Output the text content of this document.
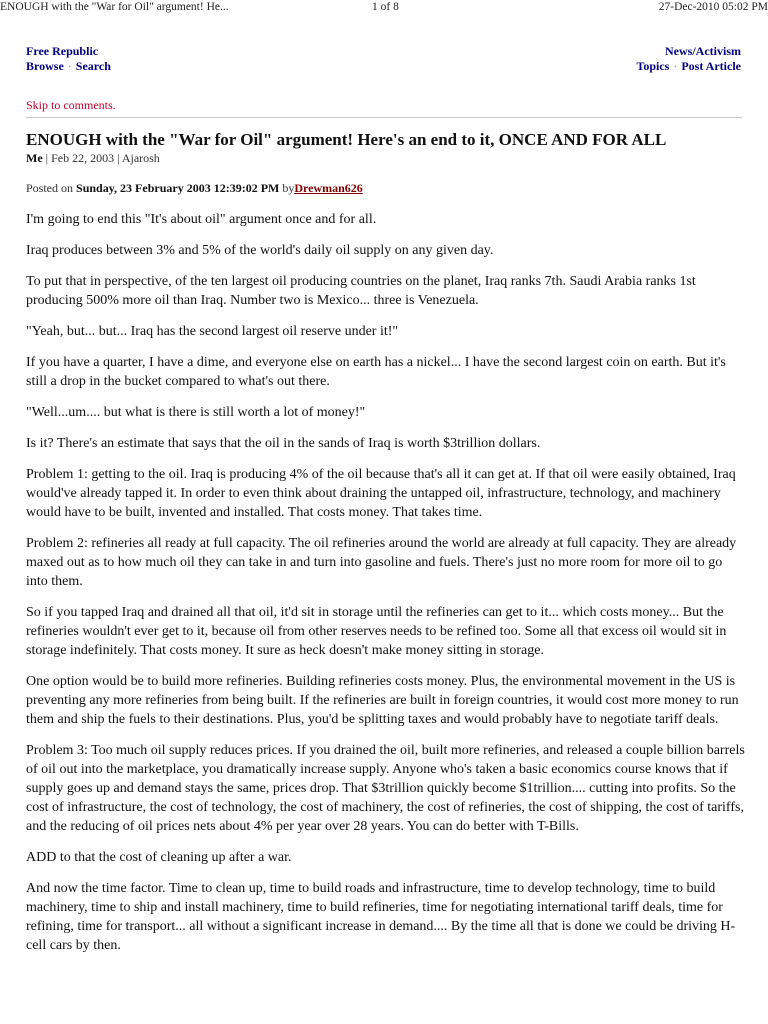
ENOUGH with the "War for Oil" argument! He...	1 of 8	27-Dec-2010 05:02 PM
Free Republic
Browse · Search
News/Activism
Topics · Post Article
Skip to comments.
ENOUGH with the "War for Oil" argument! Here's an end to it, ONCE AND FOR ALL
Me | Feb 22, 2003 | Ajarosh
Posted on Sunday, 23 February 2003 12:39:02 PM byDrewman626

I'm going to end this "It's about oil" argument once and for all.

Iraq produces between 3% and 5% of the world's daily oil supply on any given day.

To put that in perspective, of the ten largest oil producing countries on the planet, Iraq ranks 7th. Saudi Arabia ranks 1st producing 500% more oil than Iraq. Number two is Mexico... three is Venezuela.

"Yeah, but... but... Iraq has the second largest oil reserve under it!"

If you have a quarter, I have a dime, and everyone else on earth has a nickel... I have the second largest coin on earth. But it's still a drop in the bucket compared to what's out there.

"Well...um.... but what is there is still worth a lot of money!"

Is it? There's an estimate that says that the oil in the sands of Iraq is worth $3trillion dollars.

Problem 1: getting to the oil. Iraq is producing 4% of the oil because that's all it can get at. If that oil were easily obtained, Iraq would've already tapped it. In order to even think about draining the untapped oil, infrastructure, technology, and machinery would have to be built, invented and installed. That costs money. That takes time.

Problem 2: refineries all ready at full capacity. The oil refineries around the world are already at full capacity. They are already maxed out as to how much oil they can take in and turn into gasoline and fuels. There's just no more room for more oil to go into them.

So if you tapped Iraq and drained all that oil, it'd sit in storage until the refineries can get to it... which costs money... But the refineries wouldn't ever get to it, because oil from other reserves needs to be refined too. Some all that excess oil would sit in storage indefinitely. That costs money. It sure as heck doesn't make money sitting in storage.

One option would be to build more refineries. Building refineries costs money. Plus, the environmental movement in the US is preventing any more refineries from being built. If the refineries are built in foreign countries, it would cost more money to run them and ship the fuels to their destinations. Plus, you'd be splitting taxes and would probably have to negotiate tariff deals.

Problem 3: Too much oil supply reduces prices. If you drained the oil, built more refineries, and released a couple billion barrels of oil out into the marketplace, you dramatically increase supply. Anyone who's taken a basic economics course knows that if supply goes up and demand stays the same, prices drop. That $3trillion quickly become $1trillion.... cutting into profits. So the cost of infrastructure, the cost of technology, the cost of machinery, the cost of refineries, the cost of shipping, the cost of tariffs, and the reducing of oil prices nets about 4% per year over 28 years. You can do better with T-Bills.

ADD to that the cost of cleaning up after a war.

And now the time factor. Time to clean up, time to build roads and infrastructure, time to develop technology, time to build machinery, time to ship and install machinery, time to build refineries, time for negotiating international tariff deals, time for refining, time for transport... all without a significant increase in demand.... By the time all that is done we could be driving H-cell cars by then.
